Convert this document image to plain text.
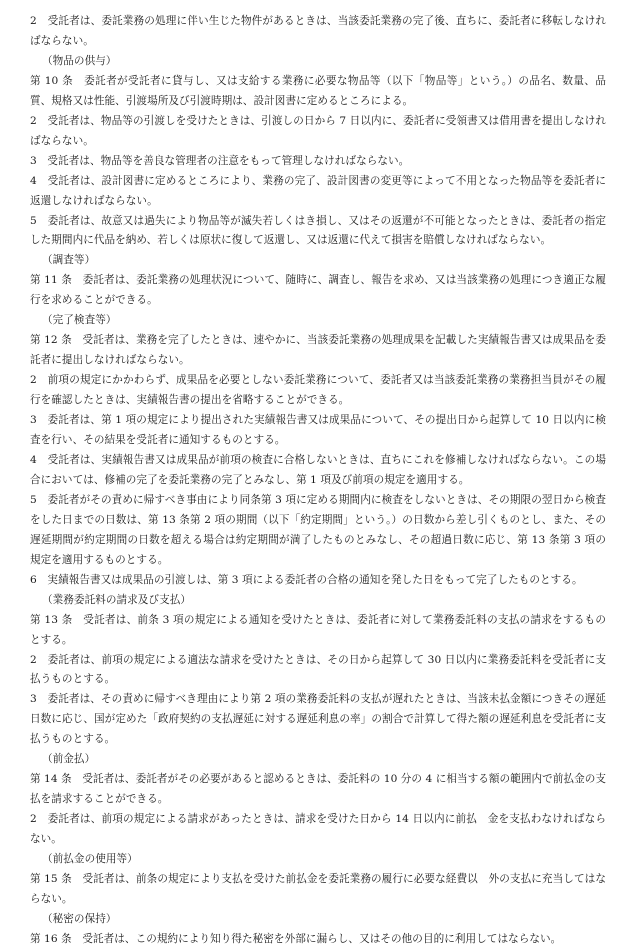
2　受託者は、委託業務の処理に伴い生じた物件があるときは、当該委託業務の完了後、直ちに、委託者に移転しなければならない。

（物品の供与）

第 10 条　委託者が受託者に貸与し、又は支給する業務に必要な物品等（以下「物品等」という。）の品名、数量、品質、規格又は性能、引渡場所及び引渡時期は、設計図書に定めるところによる。

2　受託者は、物品等の引渡しを受けたときは、引渡しの日から 7 日以内に、委託者に受領書又は借用書を提出しなければならない。

3　受託者は、物品等を善良な管理者の注意をもって管理しなければならない。

4　受託者は、設計図書に定めるところにより、業務の完了、設計図書の変更等によって不用となった物品等を委託者に返還しなければならない。

5　委託者は、故意又は過失により物品等が滅失若しくはき損し、又はその返還が不可能となったときは、委託者の指定した期間内に代品を納め、若しくは原状に復して返還し、又は返還に代えて損害を賠償しなければならない。

（調査等）

第 11 条　委託者は、委託業務の処理状況について、随時に、調査し、報告を求め、又は当該業務の処理につき適正な履行を求めることができる。

（完了検査等）

第 12 条　受託者は、業務を完了したときは、速やかに、当該委託業務の処理成果を記載した実績報告書又は成果品を委託者に提出しなければならない。

2　前項の規定にかかわらず、成果品を必要としない委託業務について、委託者又は当該委託業務の業務担当員がその履行を確認したときは、実績報告書の提出を省略することができる。

3　委託者は、第 1 項の規定により提出された実績報告書又は成果品について、その提出日から起算して 10 日以内に検査を行い、その結果を受託者に通知するものとする。

4　受託者は、実績報告書又は成果品が前項の検査に合格しないときは、直ちにこれを修補しなければならない。この場合においては、修補の完了を委託業務の完了とみなし、第 1 項及び前項の規定を適用する。

5　委託者がその責めに帰すべき事由により同条第 3 項に定める期間内に検査をしないときは、その期限の翌日から検査をした日までの日数は、第 13 条第 2 項の期間（以下「約定期間」という。）の日数から差し引くものとし、また、その遅延期間が約定期間の日数を超える場合は約定期間が満了したものとみなし、その超過日数に応じ、第 13 条第 3 項の規定を適用するものとする。

6　実績報告書又は成果品の引渡しは、第 3 項による委託者の合格の通知を発した日をもって完了したものとする。

（業務委託料の請求及び支払）

第 13 条　受託者は、前条 3 項の規定による通知を受けたときは、委託者に対して業務委託料の支払の請求をするものとする。

2　委託者は、前項の規定による適法な請求を受けたときは、その日から起算して 30 日以内に業務委託料を受託者に支払うものとする。

3　委託者は、その責めに帰すべき理由により第 2 項の業務委託料の支払が遅れたときは、当該未払金額につきその遅延日数に応じ、国が定めた「政府契約の支払遅延に対する遅延利息の率」の割合で計算して得た額の遅延利息を受託者に支払うものとする。

（前金払）

第 14 条　受託者は、委託者がその必要があると認めるときは、委託料の 10 分の 4 に相当する額の範囲内で前払金の支払を請求することができる。

2　委託者は、前項の規定による請求があったときは、請求を受けた日から 14 日以内に前払　金を支払わなければならない。

（前払金の使用等）

第 15 条　受託者は、前条の規定により支払を受けた前払金を委託業務の履行に必要な経費以　外の支払に充当してはならない。

（秘密の保持）

第 16 条　受託者は、この規約により知り得た秘密を外部に漏らし、又はその他の目的に利用してはならない。
